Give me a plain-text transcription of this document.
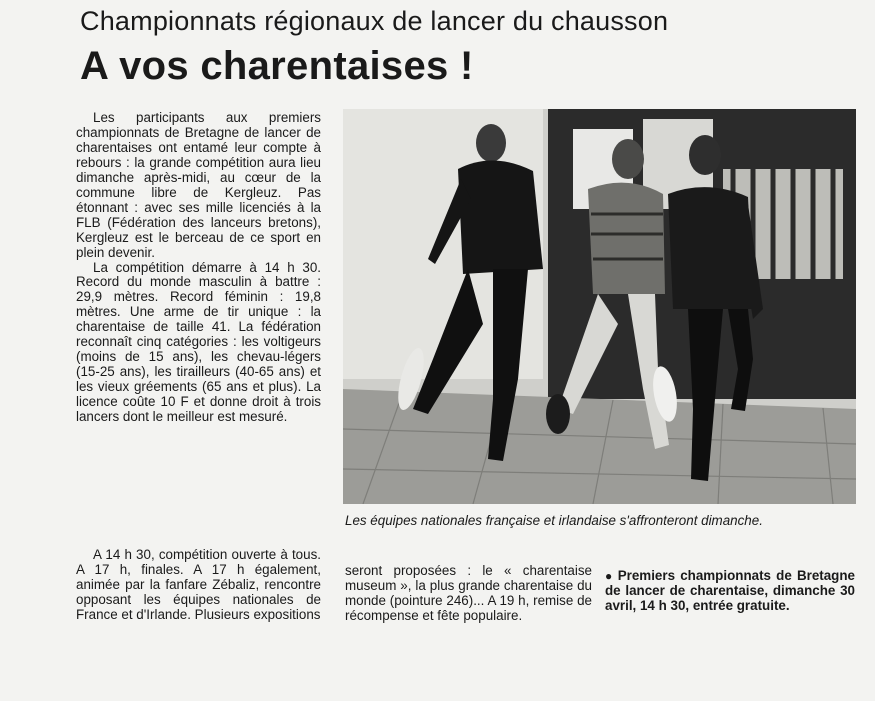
Championnats régionaux de lancer du chausson
A vos charentaises !

Les participants aux premiers championnats de Bretagne de lancer de charentaises ont entamé leur compte à rebours : la grande compétition aura lieu dimanche après-midi, au cœur de la commune libre de Kergleuz. Pas étonnant : avec ses mille licenciés à la FLB (Fédération des lanceurs bretons), Kergleuz est le berceau de ce sport en plein devenir.

La compétition démarre à 14 h 30. Record du monde masculin à battre : 29,9 mètres. Record féminin : 19,8 mètres. Une arme de tir unique : la charentaise de taille 41. La fédération reconnaît cinq catégories : les voltigeurs (moins de 15 ans), les chevau-légers (15-25 ans), les tirailleurs (40-65 ans) et les vieux gréements (65 ans et plus). La licence coûte 10 F et donne droit à trois lancers dont le meilleur est mesuré.

A 14 h 30, compétition ouverte à tous. A 17 h, finales. A 17 h également, animée par la fanfare Zébaliz, rencontre opposant les équipes nationales de France et d'Irlande. Plusieurs expositions

Les équipes nationales française et irlandaise s'affronteront dimanche.

seront proposées : le « charentaise museum », la plus grande charentaise du monde (pointure 246)... A 19 h, remise de récompense et fête populaire.

● Premiers championnats de Bretagne de lancer de charentaise, dimanche 30 avril, 14 h 30, entrée gratuite.
